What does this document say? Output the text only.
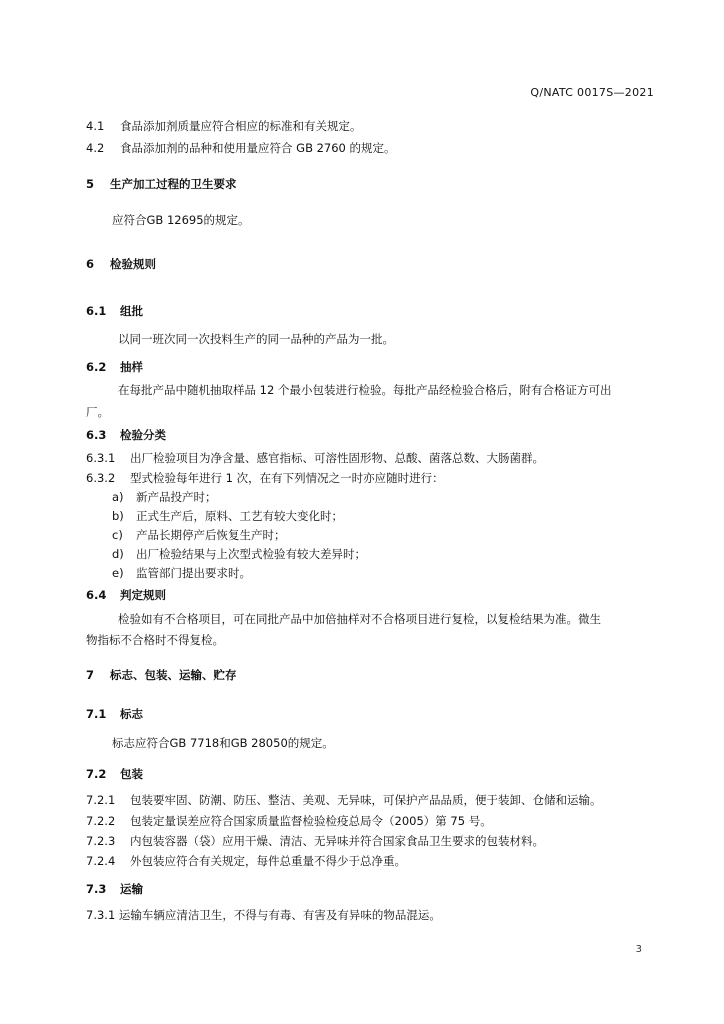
Q/NATC 0017S—2021
4.1 食品添加剂质量应符合相应的标准和有关规定。
4.2 食品添加剂的品种和使用量应符合 GB 2760 的规定。
5 生产加工过程的卫生要求
应符合GB 12695的规定。
6 检验规则
6.1 组批
以同一班次同一次投料生产的同一品种的产品为一批。
6.2 抽样
在每批产品中随机抽取样品 12 个最小包装进行检验。每批产品经检验合格后，附有合格证方可出
厂。
6.3 检验分类
6.3.1 出厂检验项目为净含量、感官指标、可溶性固形物、总酸、菌落总数、大肠菌群。
6.3.2 型式检验每年进行 1 次，在有下列情况之一时亦应随时进行：
a) 新产品投产时；
b) 正式生产后，原料、工艺有较大变化时；
c) 产品长期停产后恢复生产时；
d) 出厂检验结果与上次型式检验有较大差异时；
e) 监管部门提出要求时。
6.4 判定规则
检验如有不合格项目，可在同批产品中加倍抽样对不合格项目进行复检，以复检结果为准。微生
物指标不合格时不得复检。
7 标志、包装、运输、贮存
7.1 标志
标志应符合GB 7718和GB 28050的规定。
7.2 包装
7.2.1 包装要牢固、防潮、防压、整洁、美观、无异味，可保护产品品质，便于装卸、仓储和运输。
7.2.2 包装定量误差应符合国家质量监督检验检疫总局令（2005）第 75 号。
7.2.3 内包装容器（袋）应用干燥、清洁、无异味并符合国家食品卫生要求的包装材料。
7.2.4 外包装应符合有关规定，每件总重量不得少于总净重。
7.3 运输
7.3.1 运输车辆应清洁卫生，不得与有毒、有害及有异味的物品混运。
3
